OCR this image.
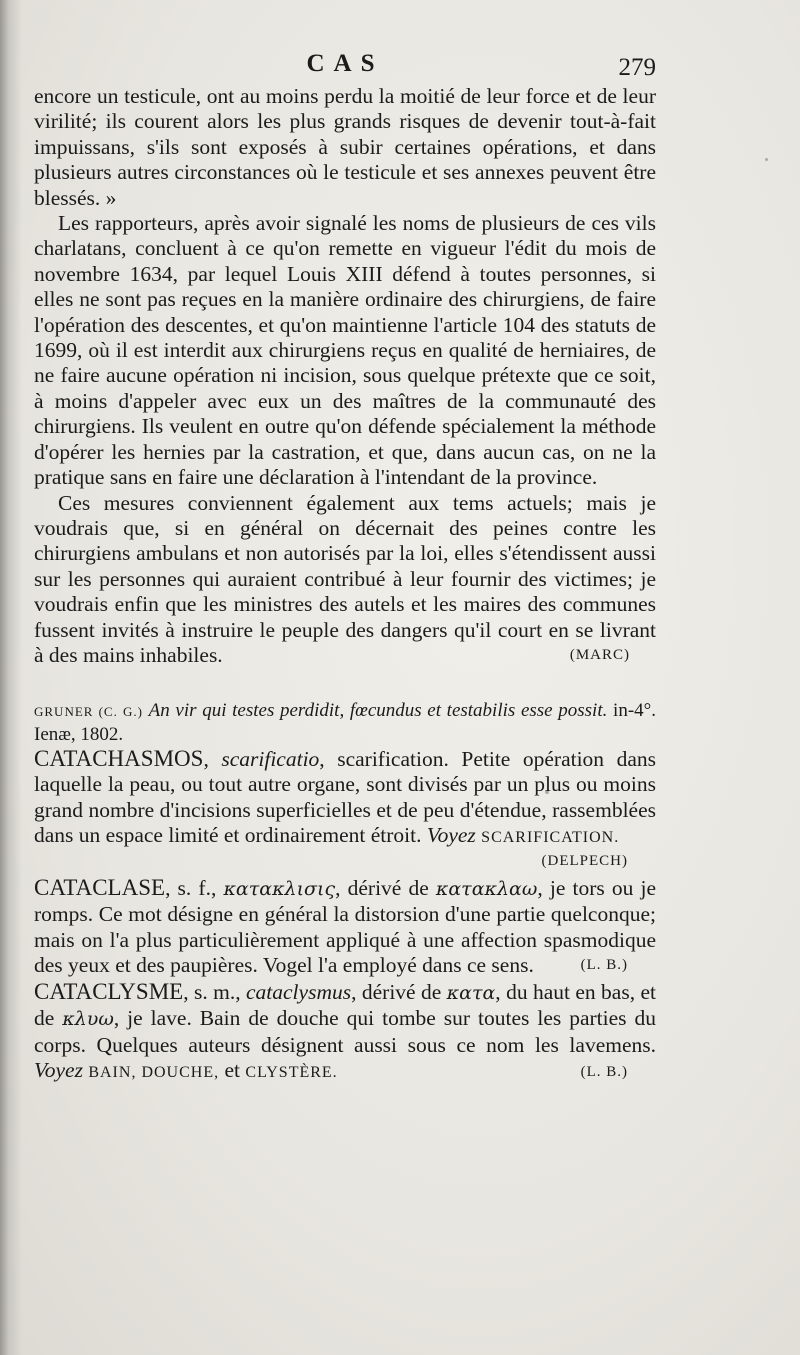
CAS	279

encore un testicule, ont au moins perdu la moitié de leur force et de leur virilité; ils courent alors les plus grands risques de devenir tout-à-fait impuissans, s'ils sont exposés à subir certaines opérations, et dans plusieurs autres circonstances où le testicule et ses annexes peuvent être blessés. »

Les rapporteurs, après avoir signalé les noms de plusieurs de ces vils charlatans, concluent à ce qu'on remette en vigueur l'édit du mois de novembre 1634, par lequel Louis XIII défend à toutes personnes, si elles ne sont pas reçues en la manière ordinaire des chirurgiens, de faire l'opération des descentes, et qu'on maintienne l'article 104 des statuts de 1699, où il est interdit aux chirurgiens reçus en qualité de herniaires, de ne faire aucune opération ni incision, sous quelque prétexte que ce soit, à moins d'appeler avec eux un des maîtres de la communauté des chirurgiens. Ils veulent en outre qu'on défende spécialement la méthode d'opérer les hernies par la castration, et que, dans aucun cas, on ne la pratique sans en faire une déclaration à l'intendant de la province.

Ces mesures conviennent également aux tems actuels; mais je voudrais que, si en général on décernait des peines contre les chirurgiens ambulans et non autorisés par la loi, elles s'étendissent aussi sur les personnes qui auraient contribué à leur fournir des victimes; je voudrais enfin que les ministres des autels et les maires des communes fussent invités à instruire le peuple des dangers qu'il court en se livrant à des mains inhabiles.	(MARC)
GRUNER (C. G.) An vir qui testes perdidit, fœcundus et testabilis esse possit. in-4°. Ienæ, 1802.

CATACHASMOS, scarificatio, scarification. Petite opération dans laquelle la peau, ou tout autre organe, sont divisés par un plus ou moins grand nombre d'incisions superficielles et de peu d'étendue, rassemblées dans un espace limité et ordinairement étroit. Voyez SCARIFICATION.

(DELPECH)

CATACLASE, s. f., κατακλισις, dérivé de κατακλαω, je tors ou je romps. Ce mot désigne en général la distorsion d'une partie quelconque; mais on l'a plus particulièrement appliqué à une affection spasmodique des yeux et des paupières. Vogel l'a employé dans ce sens.	(L. B.)

CATACLYSME, s. m., cataclysmus, dérivé de κατα, du haut en bas, et de κλυω, je lave. Bain de douche qui tombe sur toutes les parties du corps. Quelques auteurs désignent aussi sous ce nom les lavemens. Voyez BAIN, DOUCHE, et CLYSTÈRE.	(L. B.)
